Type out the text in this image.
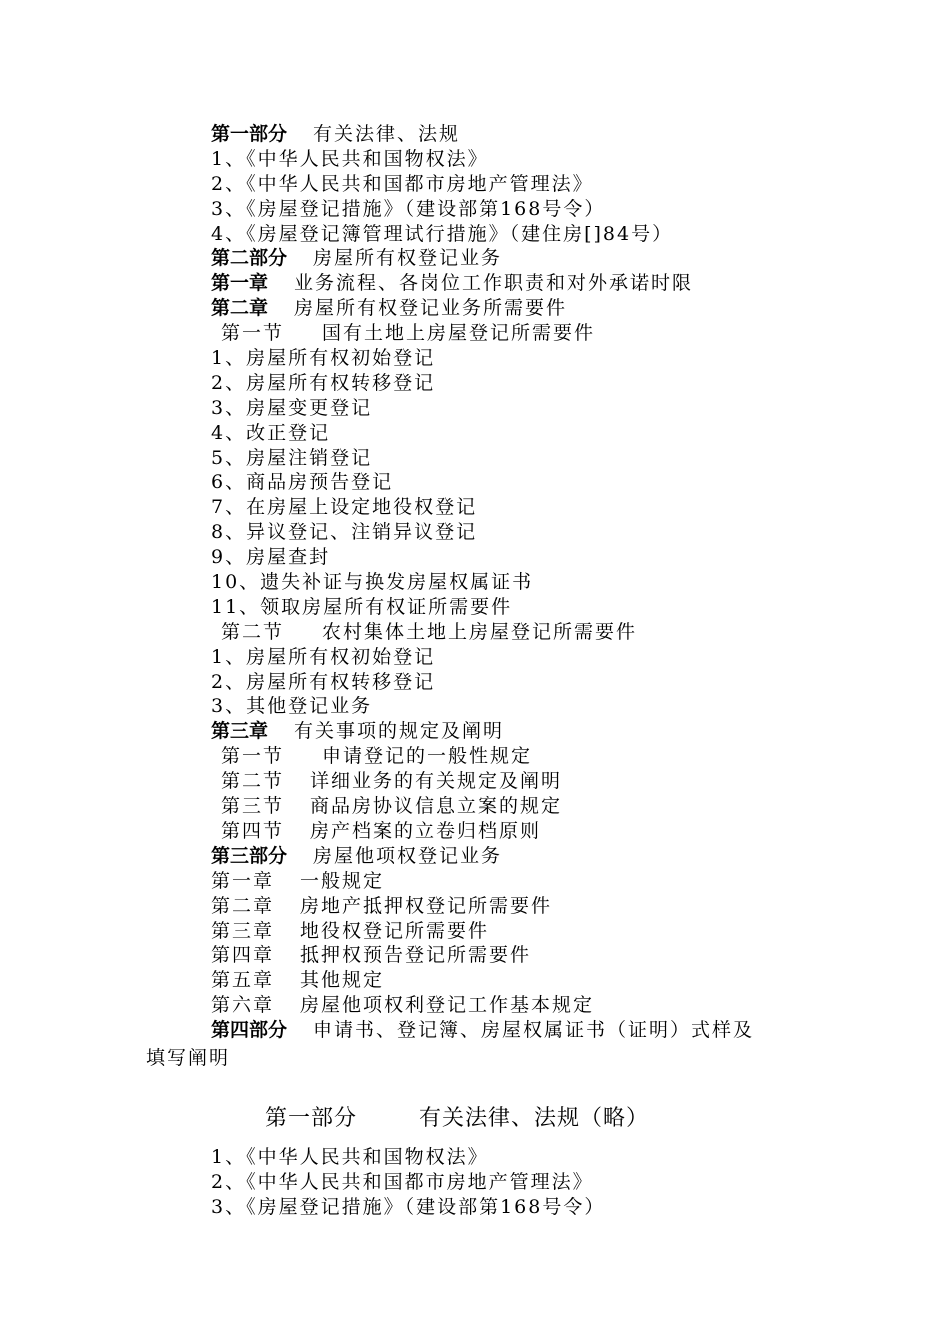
第一部分 有关法律、法规
1、《中华人民共和国物权法》
2、《中华人民共和国都市房地产管理法》
3、《房屋登记措施》（建设部第168号令）
4、《房屋登记簿管理试行措施》（建住房[]84号）
第二部分 房屋所有权登记业务
第一章 业务流程、各岗位工作职责和对外承诺时限
第二章 房屋所有权登记业务所需要件
第一节 国有土地上房屋登记所需要件
1、房屋所有权初始登记
2、房屋所有权转移登记
3、房屋变更登记
4、改正登记
5、房屋注销登记
6、商品房预告登记
7、在房屋上设定地役权登记
8、异议登记、注销异议登记
9、房屋查封
10、遗失补证与换发房屋权属证书
11、领取房屋所有权证所需要件
第二节 农村集体土地上房屋登记所需要件
1、房屋所有权初始登记
2、房屋所有权转移登记
3、其他登记业务
第三章 有关事项的规定及阐明
第一节 申请登记的一般性规定
第二节 详细业务的有关规定及阐明
第三节 商品房协议信息立案的规定
第四节 房产档案的立卷归档原则
第三部分 房屋他项权登记业务
第一章 一般规定
第二章 房地产抵押权登记所需要件
第三章 地役权登记所需要件
第四章 抵押权预告登记所需要件
第五章 其他规定
第六章 房屋他项权利登记工作基本规定
第四部分 申请书、登记簿、房屋权属证书（证明）式样及
填写阐明
第一部分	有关法律、法规（略）
1、《中华人民共和国物权法》
2、《中华人民共和国都市房地产管理法》
3、《房屋登记措施》（建设部第168号令）
